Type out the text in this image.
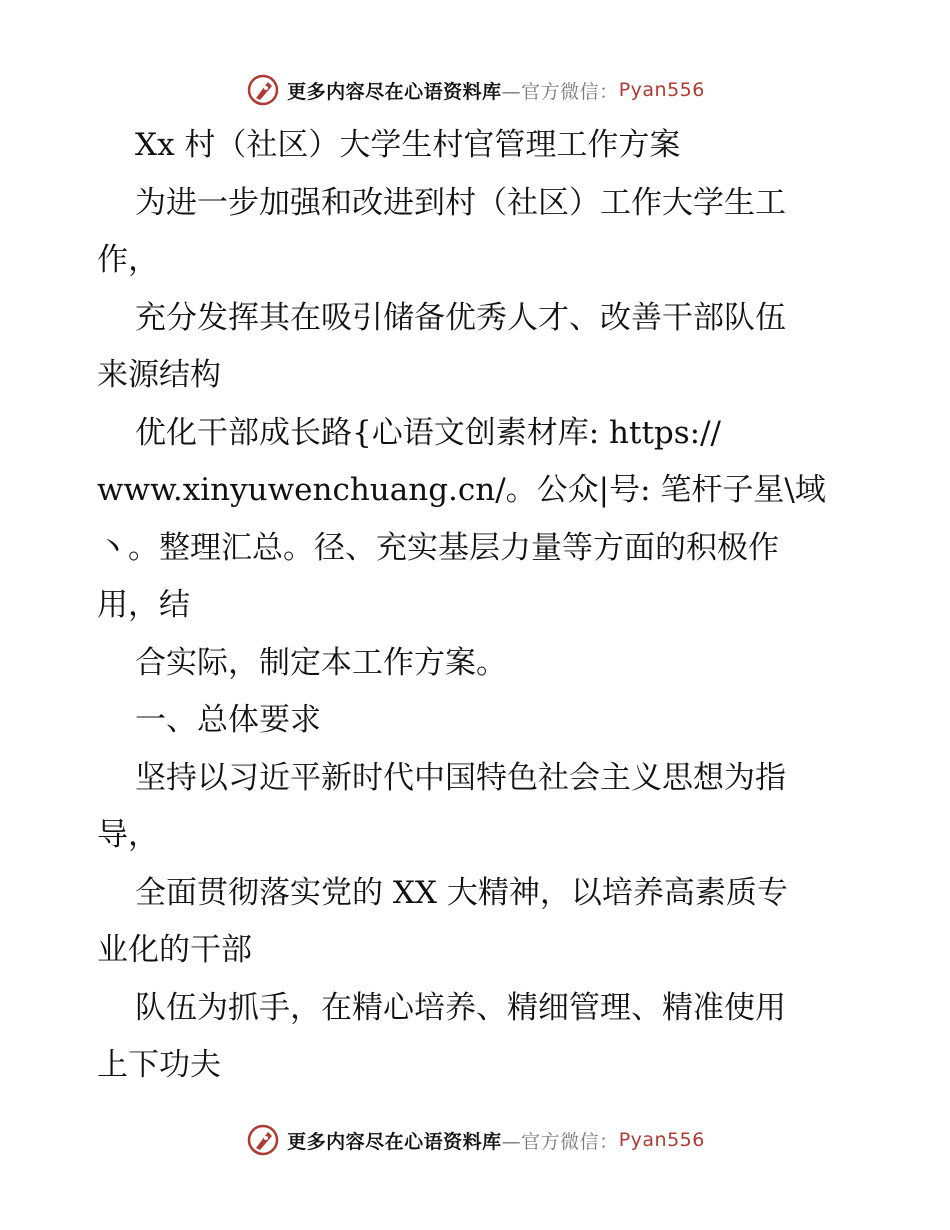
更多内容尽在心语资料库 —官方微信： Pyan556
Xx 村（社区）大学生村官管理工作方案
为进一步加强和改进到村（社区）工作大学生工
作，
充分发挥其在吸引储备优秀人才、改善干部队伍
来源结构
优化干部成长路{心语文创素材库: https://
www.xinyuwenchuang.cn/。公众|号: 笔杆子星\域
丶。整理汇总。径、充实基层力量等方面的积极作
用，结
合实际，制定本工作方案。
一、总体要求
坚持以习近平新时代中国特色社会主义思想为指
导，
全面贯彻落实党的 XX 大精神，以培养高素质专
业化的干部
队伍为抓手，在精心培养、精细管理、精准使用
上下功夫
更多内容尽在心语资料库 —官方微信： Pyan556
